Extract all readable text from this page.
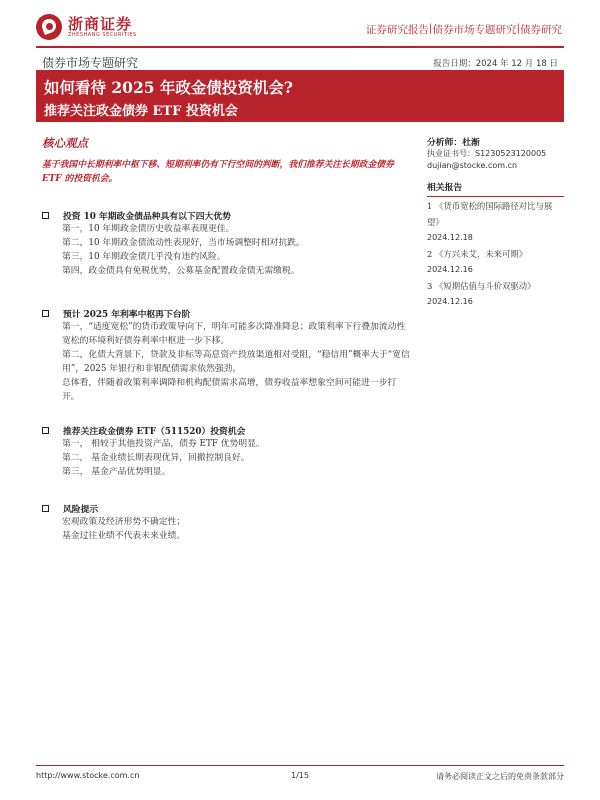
浙商证券
ZHESHANG SECURITIES	证券研究报告 | 债券市场专题研究 | 债券研究
债券市场专题研究	报告日期：2024 年 12 月 18 日
如何看待 2025 年政金债投资机会?
推荐关注政金债券 ETF 投资机会
核心观点
基于我国中长期利率中枢下移、短期利率仍有下行空间的判断，我们推荐关注长期政金债券 ETF 的投资机会。
投资 10 年期政金债品种具有以下四大优势
第一，10 年期政金债历史收益率表现更佳。
第二，10 年期政金债流动性表现好，当市场调整时相对抗跌。
第三，10 年期政金债几乎没有违约风险。
第四，政金债具有免税优势，公募基金配置政金债无需缴税。
预计 2025 年利率中枢再下台阶
第一，“适度宽松”的货币政策导向下，明年可能多次降准降息；政策利率下行叠加流动性宽松的环境利好债券利率中枢进一步下移。
第二，化债大背景下，贷款及非标等高息资产投放渠道相对受阻，“稳信用”概率大于“宽信用”，2025 年银行和非银配债需求依然强劲。
总体看，伴随着政策利率调降和机构配债需求高增，债券收益率想象空间可能进一步打开。
推荐关注政金债券 ETF（511520）投资机会
第一， 相较于其他投资产品，债券 ETF 优势明显。
第二， 基金业绩长期表现优异，回撤控制良好。
第三， 基金产品优势明显。
风险提示
宏观政策及经济形势不确定性；
基金过往业绩不代表未来业绩。
分析师：杜渐
执业证书号：S1230523120005
dujian@stocke.com.cn
相关报告
1 《货币宽松的国际路径对比与展望》
2024.12.18
2 《方兴未艾，未来可期》
2024.12.16
3 《短期估值与斗价双驱动》
2024.12.16
http://www.stocke.com.cn	1/15	请务必阅读正文之后的免责条款部分
